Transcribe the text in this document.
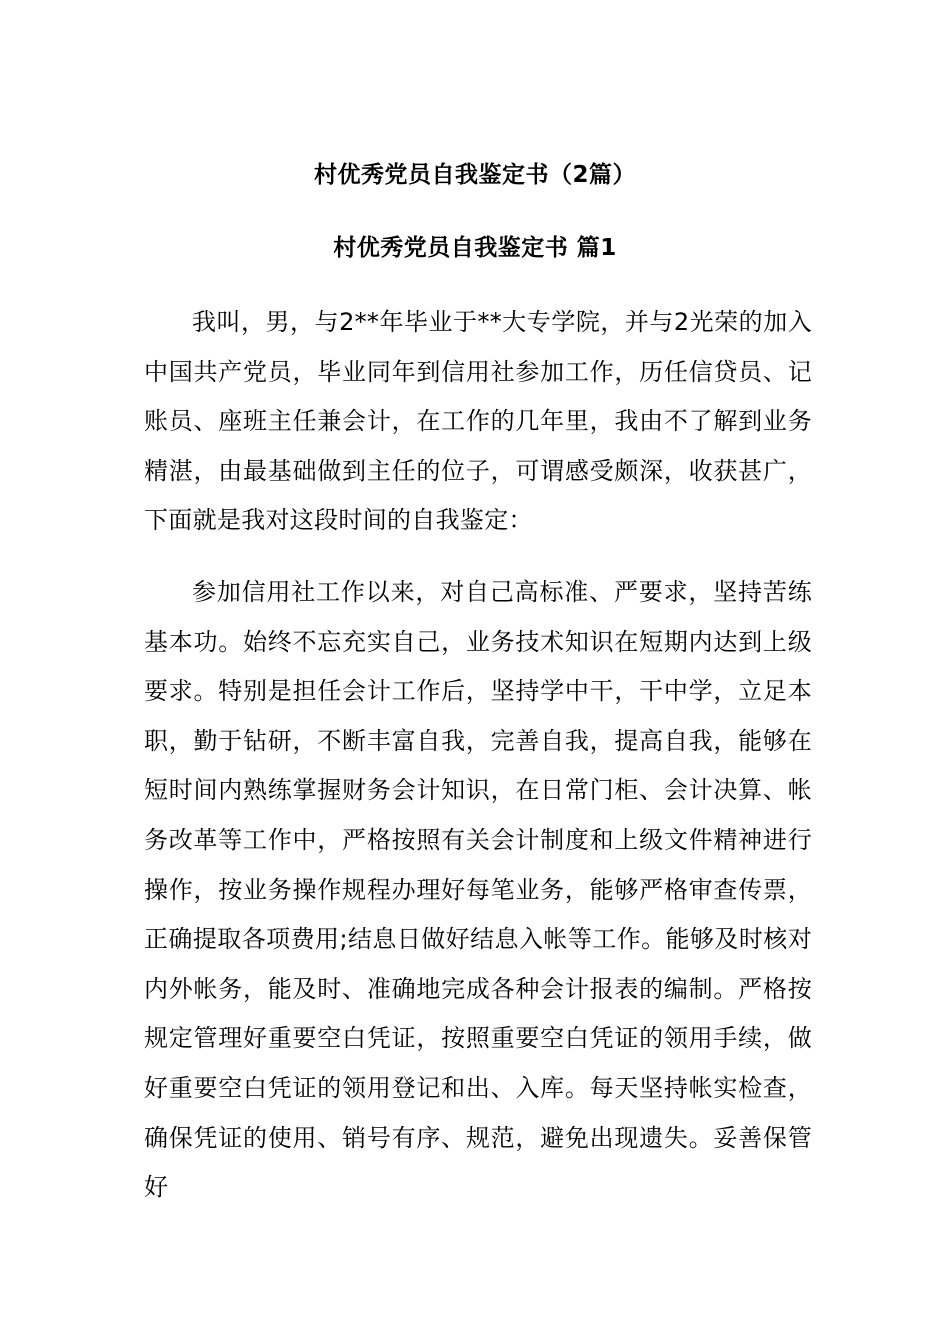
村优秀党员自我鉴定书（2篇）
村优秀党员自我鉴定书 篇1

我叫，男，与2**年毕业于**大专学院，并与2光荣的加入中国共产党员，毕业同年到信用社参加工作，历任信贷员、记账员、座班主任兼会计，在工作的几年里，我由不了解到业务精湛，由最基础做到主任的位子，可谓感受颇深，收获甚广，下面就是我对这段时间的自我鉴定：

参加信用社工作以来，对自己高标准、严要求，坚持苦练基本功。始终不忘充实自己，业务技术知识在短期内达到上级要求。特别是担任会计工作后，坚持学中干，干中学，立足本职，勤于钻研，不断丰富自我，完善自我，提高自我，能够在短时间内熟练掌握财务会计知识，在日常门柜、会计决算、帐务改革等工作中，严格按照有关会计制度和上级文件精神进行操作，按业务操作规程办理好每笔业务，能够严格审查传票，正确提取各项费用;结息日做好结息入帐等工作。能够及时核对内外帐务，能及时、准确地完成各种会计报表的编制。严格按规定管理好重要空白凭证，按照重要空白凭证的领用手续，做好重要空白凭证的领用登记和出、入库。每天坚持帐实检查，确保凭证的使用、销号有序、规范，避免出现遗失。妥善保管好
